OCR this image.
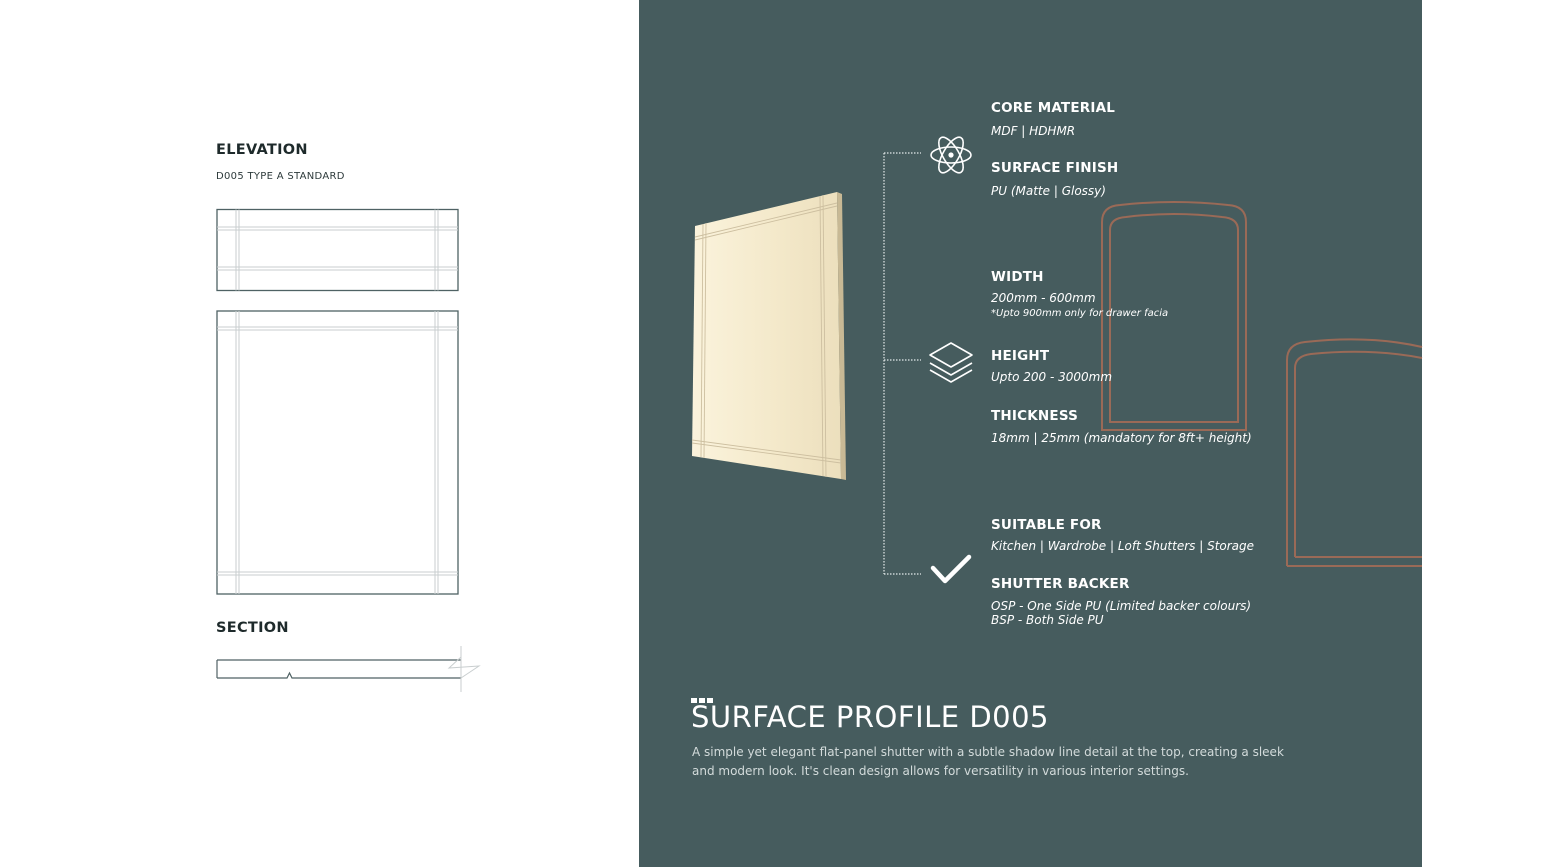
ELEVATION
D005 TYPE A STANDARD
SECTION
CORE MATERIAL
MDF | HDHMR
SURFACE FINISH
PU (Matte | Glossy)
WIDTH
200mm - 600mm
*Upto 900mm only for drawer facia
HEIGHT
Upto 200 - 3000mm
THICKNESS
18mm | 25mm (mandatory for 8ft+ height)
SUITABLE FOR
Kitchen | Wardrobe | Loft Shutters | Storage
SHUTTER BACKER
OSP - One Side PU (Limited backer colours)
BSP - Both Side PU
SURFACE PROFILE D005
A simple yet elegant flat-panel shutter with a subtle shadow line detail at the top, creating a sleek and modern look. It's clean design allows for versatility in various interior settings.
